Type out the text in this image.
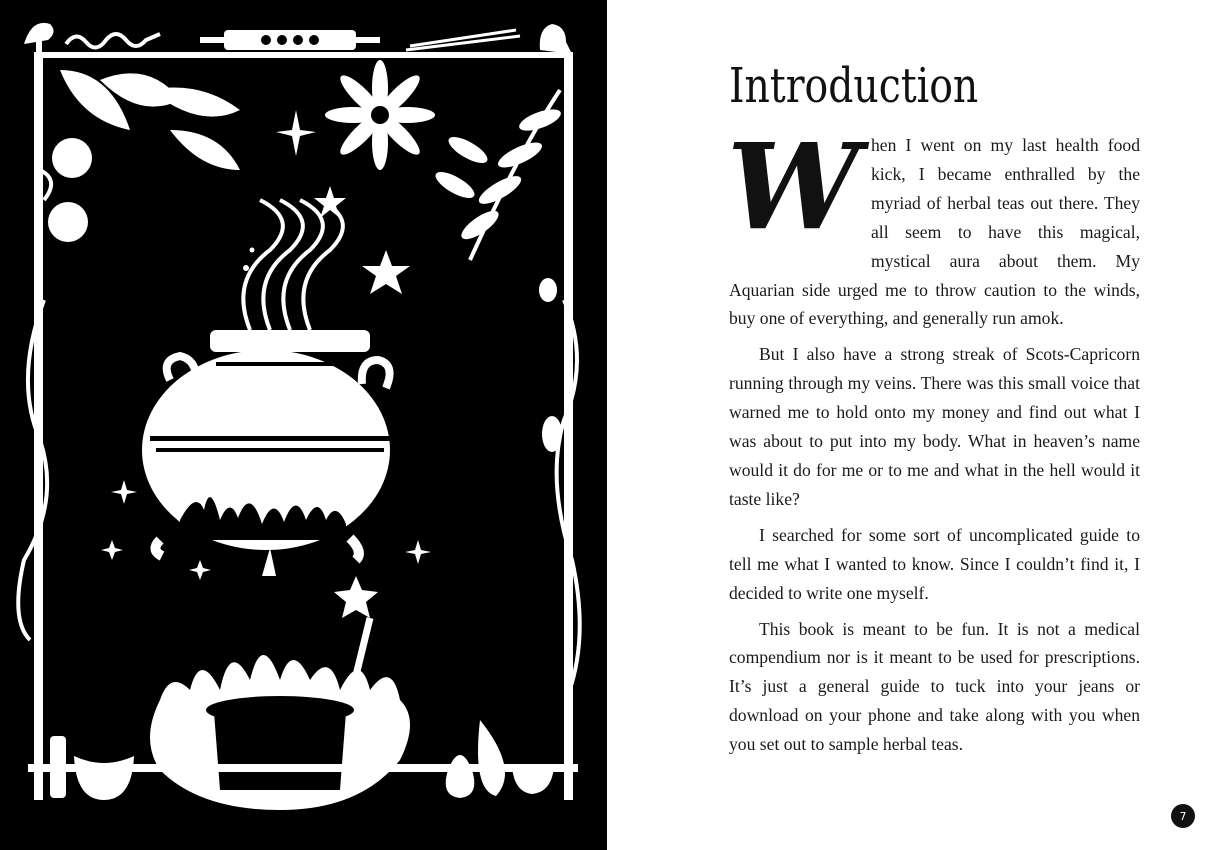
Introduction

When I went on my last health food kick, I became enthralled by the myriad of herbal teas out there. They all seem to have this magical, mystical aura about them. My Aquarian side urged me to throw caution to the winds, buy one of everything, and generally run amok.

But I also have a strong streak of Scots-Capricorn running through my veins. There was this small voice that warned me to hold onto my money and find out what I was about to put into my body. What in heaven’s name would it do for me or to me and what in the hell would it taste like?

I searched for some sort of uncomplicated guide to tell me what I wanted to know. Since I couldn’t find it, I decided to write one myself.

This book is meant to be fun. It is not a medical compendium nor is it meant to be used for prescriptions. It’s just a general guide to tuck into your jeans or download on your phone and take along with you when you set out to sample herbal teas.

7
